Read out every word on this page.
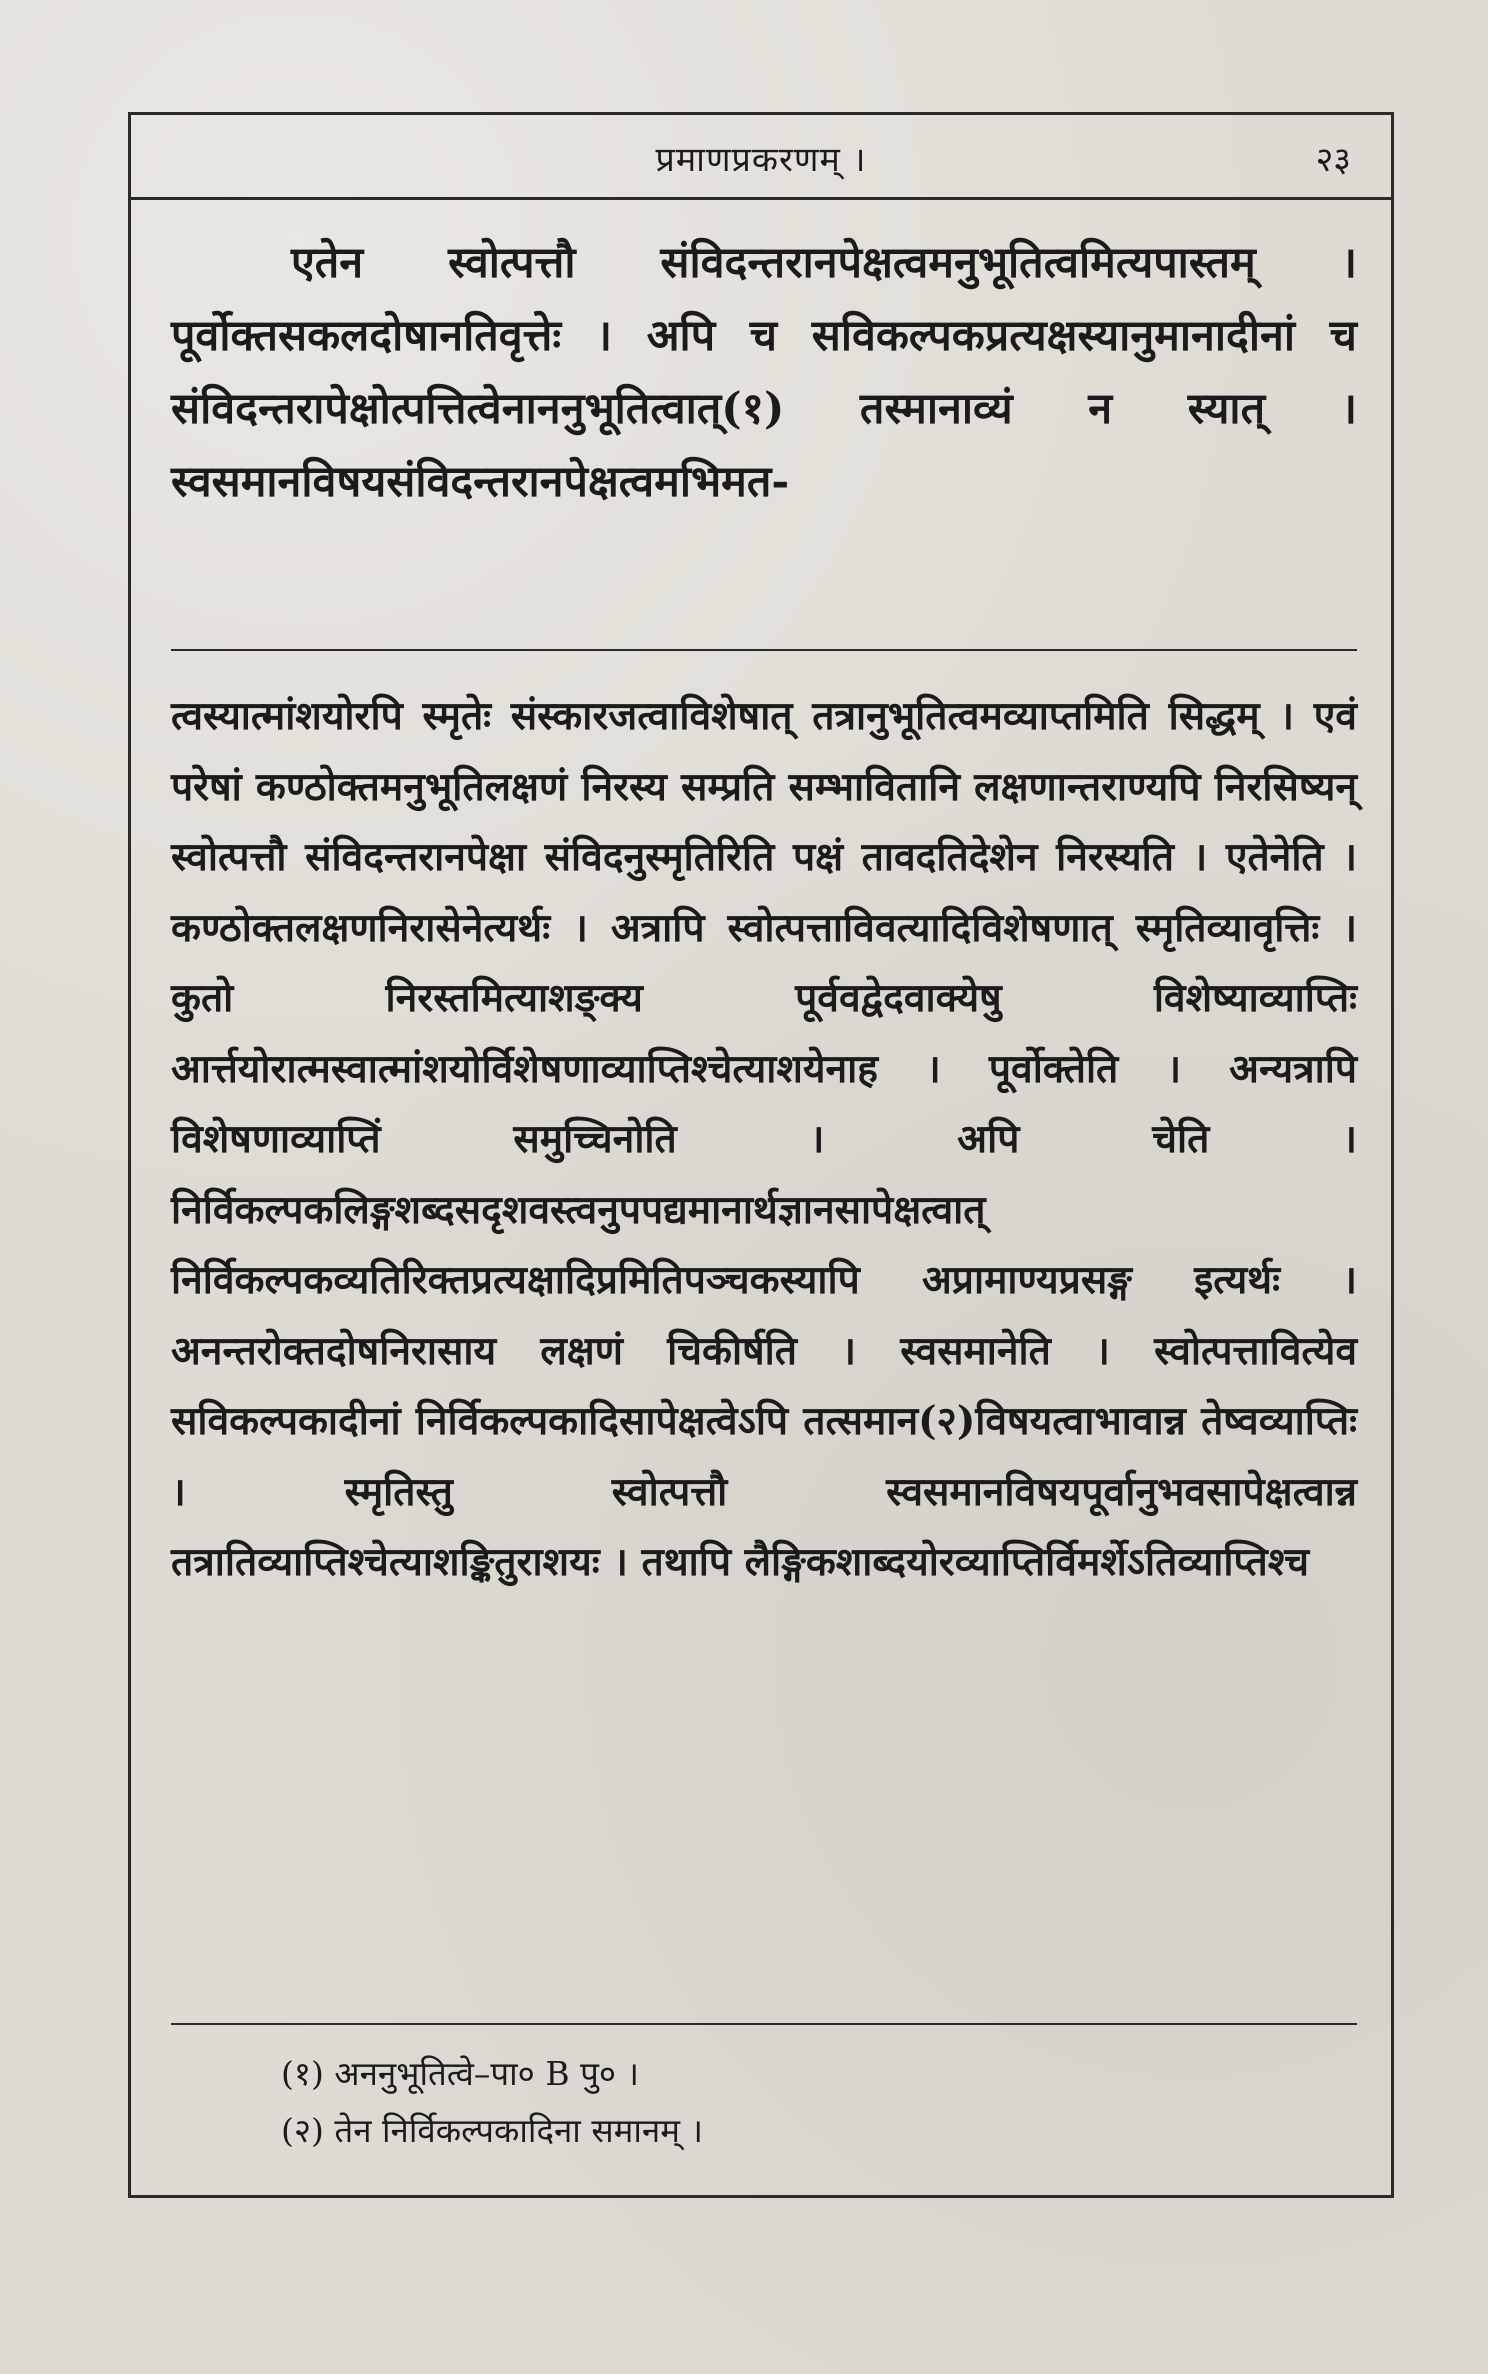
प्रमाणप्रकरणम् ।	२३

एतेन स्वोत्पत्तौ संविदन्तरानपेक्षत्वमनुभूतित्वमित्यपास्तम् । पूर्वोक्तसकलदोषानतिवृत्तेः । अपि च सविकल्पकप्रत्यक्षस्यानुमानादीनां च संविदन्तरापेक्षोत्पत्तित्वेनाननुभूतित्वात्(१) तस्मानाव्यं न स्यात् । स्वसमानविषयसंविदन्तरानपेक्षत्वमभिमत-

त्वस्यात्मांशयोरपि स्मृतेः संस्कारजत्वाविशेषात् तत्रानुभूतित्वमव्याप्तमिति सिद्धम् । एवं परेषां कण्ठोक्तमनुभूतिलक्षणं निरस्य सम्प्रति सम्भावितानि लक्षणान्तराण्यपि निरसिष्यन् स्वोत्पत्तौ संविदन्तरानपेक्षा संविदनुस्मृतिरिति पक्षं तावदतिदेशेन निरस्यति । एतेनेति । कण्ठोक्तलक्षणनिरासेनेत्यर्थः । अत्रापि स्वोत्पत्ताविवत्यादिविशेषणात् स्मृतिव्यावृत्तिः । कुतो निरस्तमित्याशङ्क्य पूर्ववद्वेदवाक्येषु विशेष्याव्याप्तिः आर्त्तयोरात्मस्वात्मांशयोर्विशेषणाव्याप्तिश्चेत्याशयेनाह । पूर्वोक्तेति । अन्यत्रापि विशेषणाव्याप्तिं समुच्चिनोति । अपि चेति । निर्विकल्पकलिङ्गशब्दसदृशवस्त्वनुपपद्यमानार्थज्ञानसापेक्षत्वात् निर्विकल्पकव्यतिरिक्तप्रत्यक्षादिप्रमितिपञ्चकस्यापि अप्रामाण्यप्रसङ्ग इत्यर्थः । अनन्तरोक्तदोषनिरासाय लक्षणं चिकीर्षति । स्वसमानेति । स्वोत्पत्तावित्येव सविकल्पकादीनां निर्विकल्पकादिसापेक्षत्वेऽपि तत्समान(२)विषयत्वाभावान्न तेष्वव्याप्तिः । स्मृतिस्तु स्वोत्पत्तौ स्वसमानविषयपूर्वानुभवसापेक्षत्वान्न तत्रातिव्याप्तिश्चेत्याशङ्कितुराशयः । तथापि लैङ्गिकशाब्दयोरव्याप्तिर्विमर्शेऽतिव्याप्तिश्च

(१) अननुभूतित्वे–पा० B पु० ।
(२) तेन निर्विकल्पकादिना समानम् ।
